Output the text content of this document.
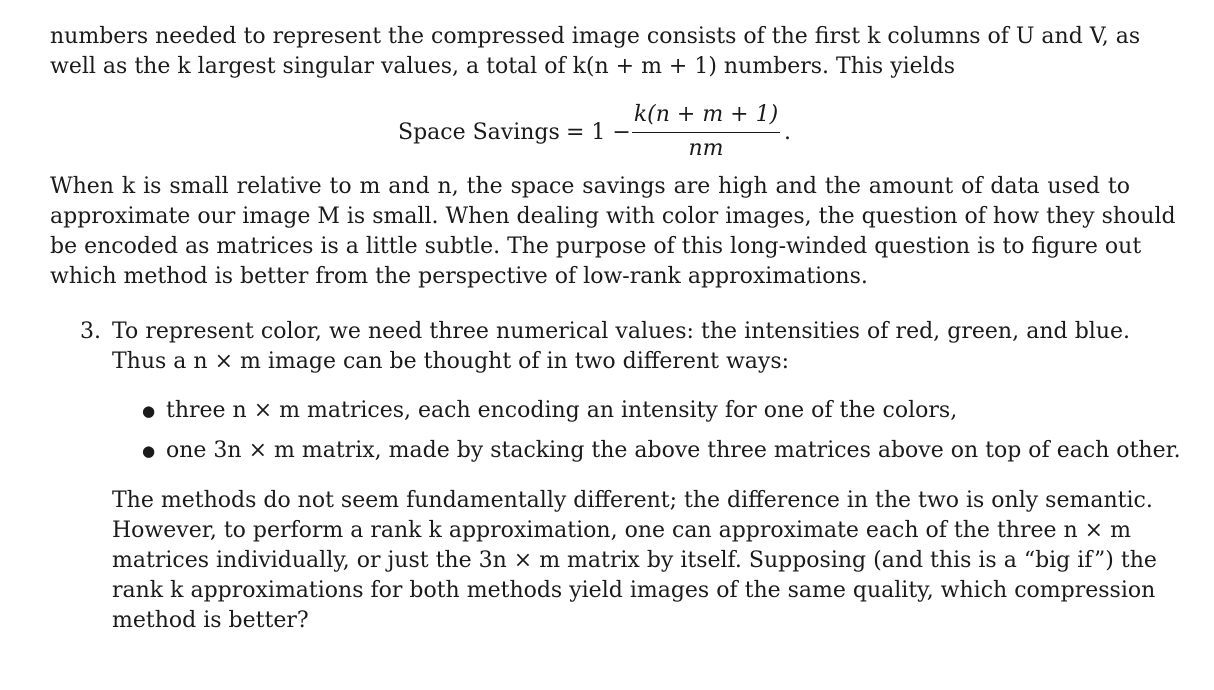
numbers needed to represent the compressed image consists of the first k columns of U and V, as
well as the k largest singular values, a total of k(n + m + 1) numbers. This yields
Space Savings = 1 −
k(n + m + 1)
nm
.
When k is small relative to m and n, the space savings are high and the amount of data used to
approximate our image M is small. When dealing with color images, the question of how they should
be encoded as matrices is a little subtle. The purpose of this long-winded question is to figure out
which method is better from the perspective of low-rank approximations.
3. To represent color, we need three numerical values: the intensities of red, green, and blue.
Thus a n × m image can be thought of in two different ways:
● three n × m matrices, each encoding an intensity for one of the colors,
● one 3n × m matrix, made by stacking the above three matrices above on top of each other.
The methods do not seem fundamentally different; the difference in the two is only semantic.
However, to perform a rank k approximation, one can approximate each of the three n × m
matrices individually, or just the 3n × m matrix by itself. Supposing (and this is a “big if”) the
rank k approximations for both methods yield images of the same quality, which compression
method is better?
